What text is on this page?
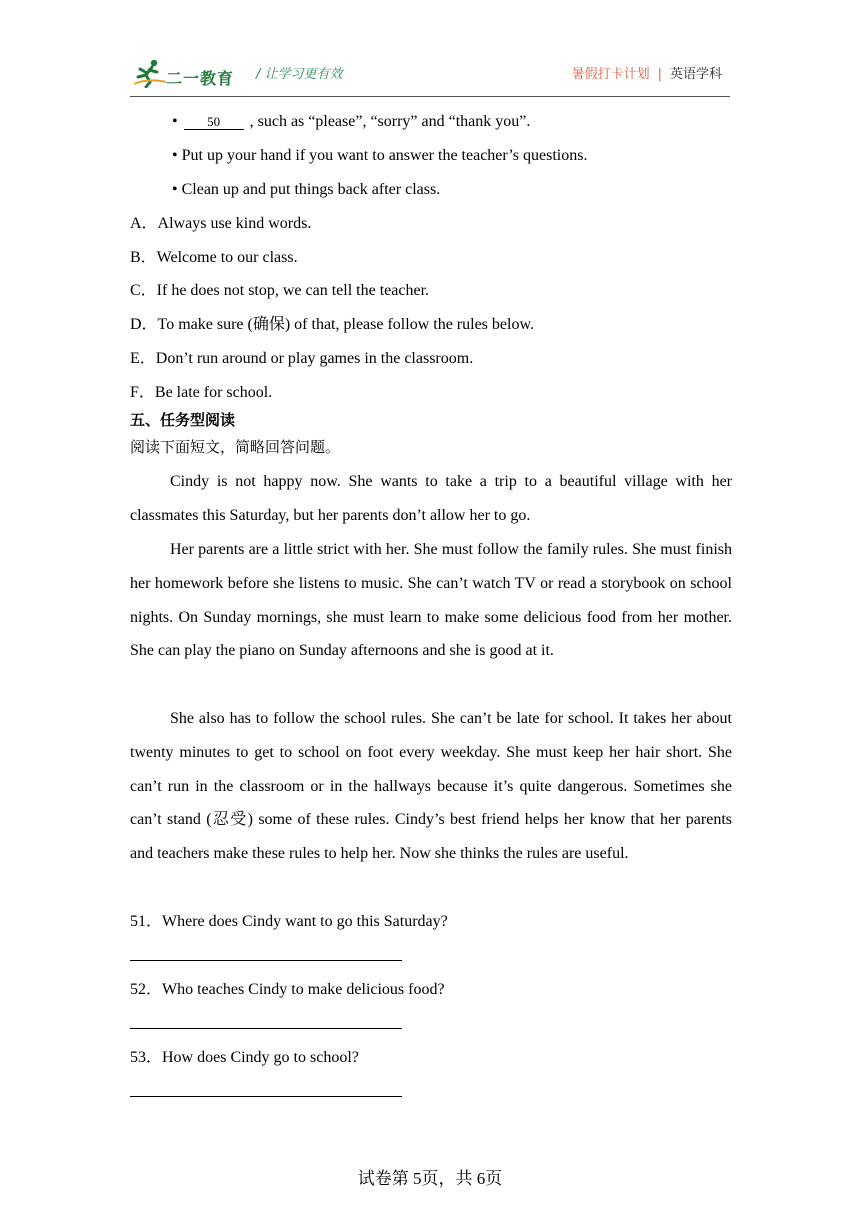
二一教育 / 让学习更有效	暑假打卡计划 | 英语学科
• 50 , such as “please”, “sorry” and “thank you”.
• Put up your hand if you want to answer the teacher’s questions.
• Clean up and put things back after class.
A．Always use kind words.
B．Welcome to our class.
C．If he does not stop, we can tell the teacher.
D．To make sure (确保) of that, please follow the rules below.
E．Don’t run around or play games in the classroom.
F．Be late for school.
五、任务型阅读
阅读下面短文，简略回答问题。

Cindy is not happy now. She wants to take a trip to a beautiful village with her classmates this Saturday, but her parents don’t allow her to go.

Her parents are a little strict with her. She must follow the family rules. She must finish her homework before she listens to music. She can’t watch TV or read a storybook on school nights. On Sunday mornings, she must learn to make some delicious food from her mother. She can play the piano on Sunday afternoons and she is good at it.

She also has to follow the school rules. She can’t be late for school. It takes her about twenty minutes to get to school on foot every weekday. She must keep her hair short. She can’t run in the classroom or in the hallways because it’s quite dangerous. Sometimes she can’t stand (忍受) some of these rules. Cindy’s best friend helps her know that her parents and teachers make these rules to help her. Now she thinks the rules are useful.

51．Where does Cindy want to go this Saturday?
52．Who teaches Cindy to make delicious food?
53．How does Cindy go to school?
试卷第 5页，共 6页
